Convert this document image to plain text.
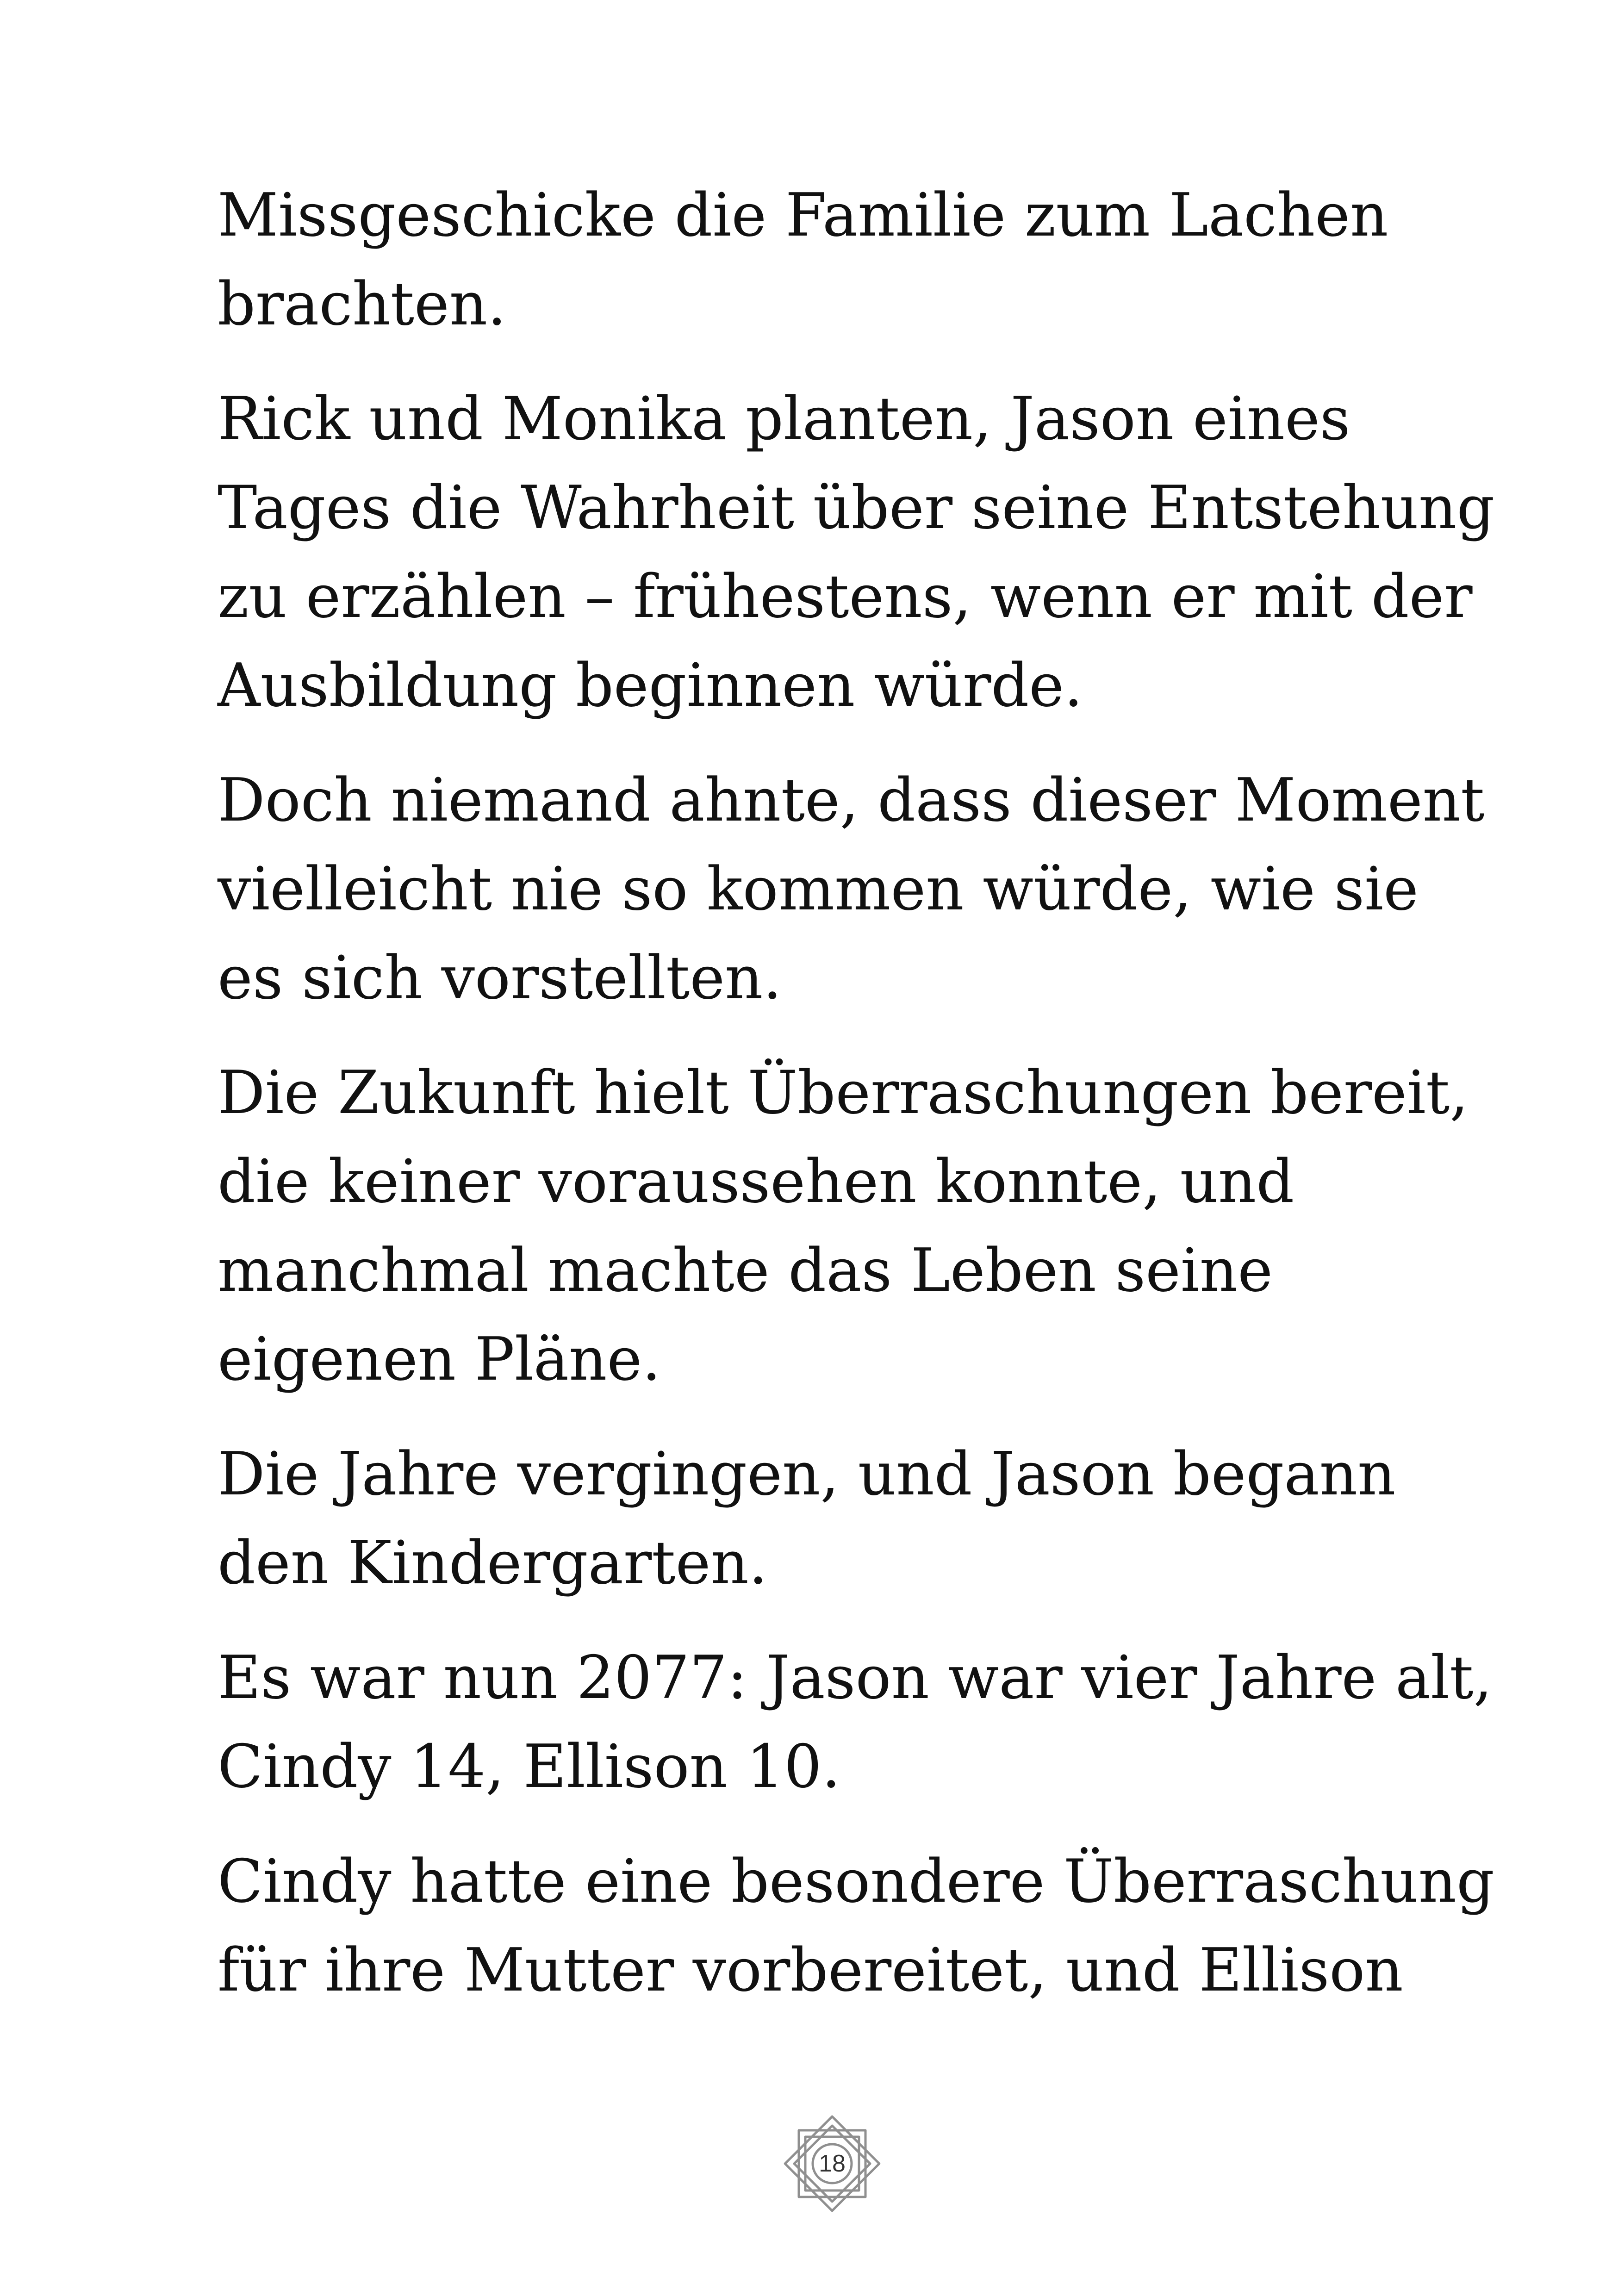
Missgeschicke die Familie zum Lachen
brachten.

Rick und Monika planten, Jason eines
Tages die Wahrheit über seine Entstehung
zu erzählen – frühestens, wenn er mit der
Ausbildung beginnen würde.

Doch niemand ahnte, dass dieser Moment
vielleicht nie so kommen würde, wie sie
es sich vorstellten.

Die Zukunft hielt Überraschungen bereit,
die keiner voraussehen konnte, und
manchmal machte das Leben seine
eigenen Pläne.

Die Jahre vergingen, und Jason begann
den Kindergarten.

Es war nun 2077: Jason war vier Jahre alt,
Cindy 14, Ellison 10.

Cindy hatte eine besondere Überraschung
für ihre Mutter vorbereitet, und Ellison

18
